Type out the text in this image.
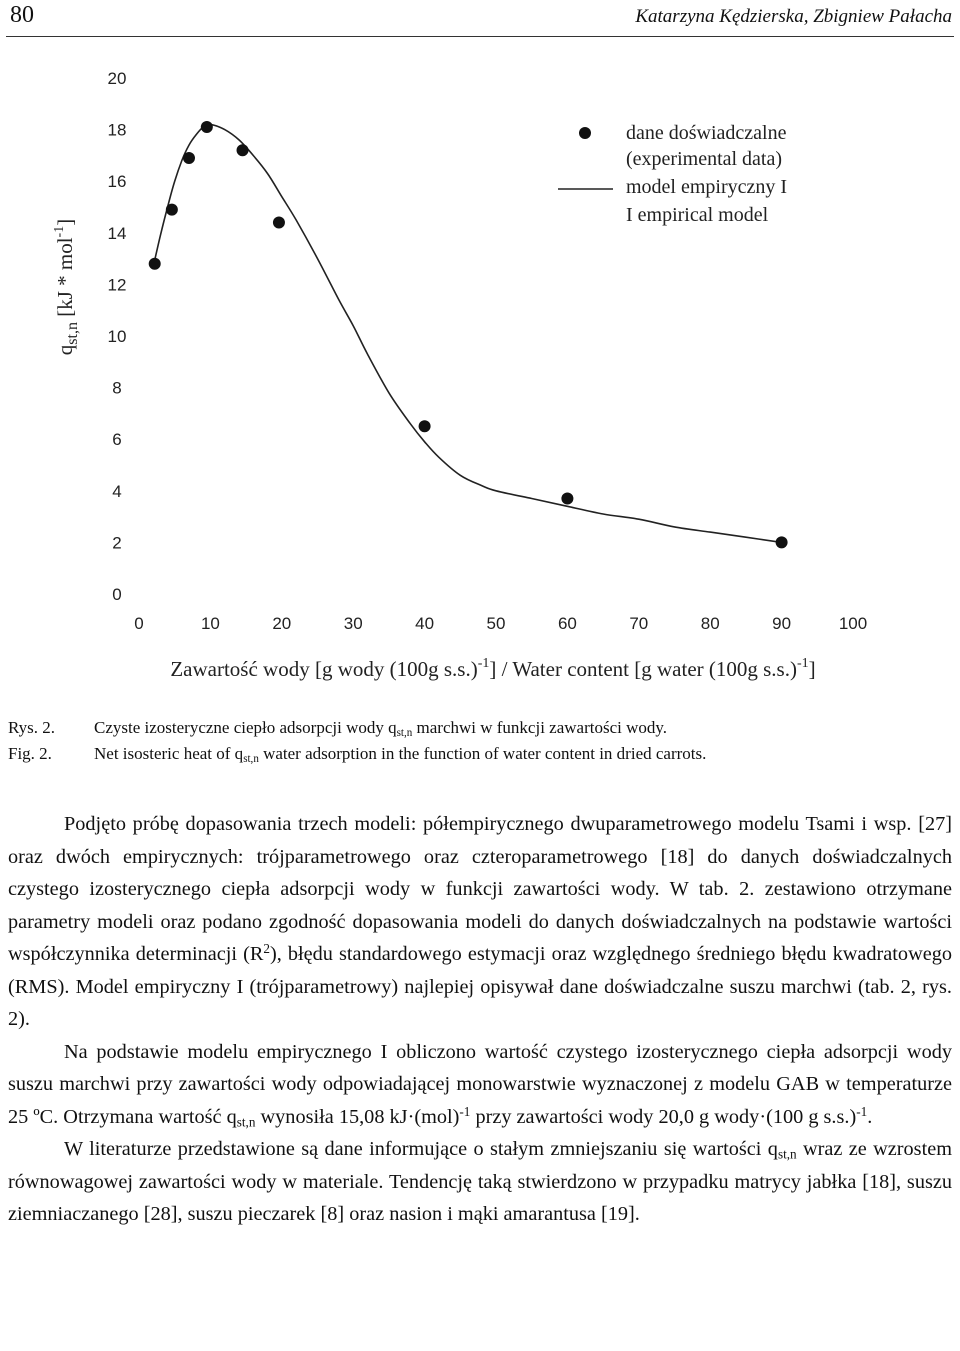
80	Katarzyna Kędzierska, Zbigniew Pałacha
0
2
4
6
8
10
12
14
16
18
20
0	10	20	30	40	50	60	70	80	90	100
dane doświadczalne
(experimental data)
model empiryczny I
I empirical model
Zawartość wody [g wody (100g s.s.)$^{-1}$] / Water content [g water (100g s.s.)$^{-1}$]
$q_{st,n}$ [kJ * mol$^{-1}$]
Rys. 2.	Czyste izosteryczne ciepło adsorpcji wody $q_{st,n}$ marchwi w funkcji zawartości wody.
Fig. 2.	Net isosteric heat of $q_{st,n}$ water adsorption in the function of water content in dried carrots.

Podjęto próbę dopasowania trzech modeli: półempirycznego dwuparametrowego modelu Tsami i wsp. [27] oraz dwóch empirycznych: trójparametrowego oraz czteroparametrowego [18] do danych doświadczalnych czystego izosterycznego ciepła adsorpcji wody w funkcji zawartości wody. W tab. 2. zestawiono otrzymane parametry modeli oraz podano zgodność dopasowania modeli do danych doświadczalnych na podstawie wartości współczynnika determinacji $(R^2)$, błędu standardowego estymacji oraz względnego średniego błędu kwadratowego (RMS). Model empiryczny I (trójparametrowy) najlepiej opisywał dane doświadczalne suszu marchwi (tab. 2, rys. 2).

Na podstawie modelu empirycznego I obliczono wartość czystego izosterycznego ciepła adsorpcji wody suszu marchwi przy zawartości wody odpowiadającej monowarstwie wyznaczonej z modelu GAB w temperaturze 25 ºC. Otrzymana wartość $q_{st,n}$ wynosiła 15,08 kJ·(mol)$^{-1}$ przy zawartości wody 20,0 g wody·(100 g s.s.)$^{-1}$.

W literaturze przedstawione są dane informujące o stałym zmniejszaniu się wartości $q_{st,n}$ wraz ze wzrostem równowagowej zawartości wody w materiale. Tendencję taką stwierdzono w przypadku matrycy jabłka [18], suszu ziemniaczanego [28], suszu pieczarek [8] oraz nasion i mąki amarantusa [19].
